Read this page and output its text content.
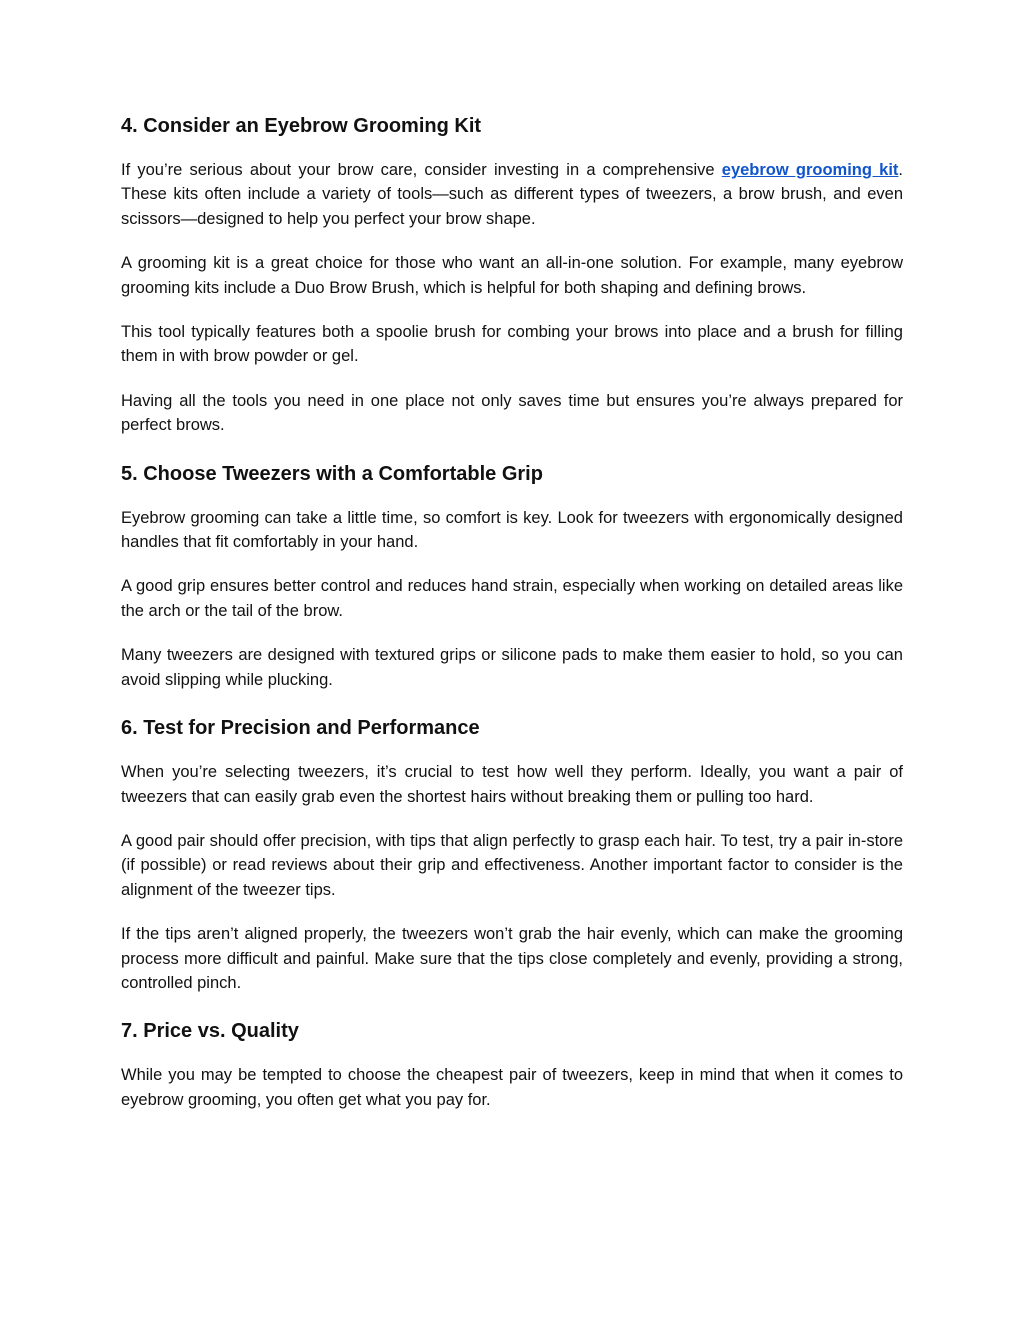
4. Consider an Eyebrow Grooming Kit

If you’re serious about your brow care, consider investing in a comprehensive eyebrow grooming kit. These kits often include a variety of tools—such as different types of tweezers, a brow brush, and even scissors—designed to help you perfect your brow shape.

A grooming kit is a great choice for those who want an all-in-one solution. For example, many eyebrow grooming kits include a Duo Brow Brush, which is helpful for both shaping and defining brows.

This tool typically features both a spoolie brush for combing your brows into place and a brush for filling them in with brow powder or gel.

Having all the tools you need in one place not only saves time but ensures you’re always prepared for perfect brows.

5. Choose Tweezers with a Comfortable Grip

Eyebrow grooming can take a little time, so comfort is key. Look for tweezers with ergonomically designed handles that fit comfortably in your hand.

A good grip ensures better control and reduces hand strain, especially when working on detailed areas like the arch or the tail of the brow.

Many tweezers are designed with textured grips or silicone pads to make them easier to hold, so you can avoid slipping while plucking.

6. Test for Precision and Performance

When you’re selecting tweezers, it’s crucial to test how well they perform. Ideally, you want a pair of tweezers that can easily grab even the shortest hairs without breaking them or pulling too hard.

A good pair should offer precision, with tips that align perfectly to grasp each hair. To test, try a pair in-store (if possible) or read reviews about their grip and effectiveness. Another important factor to consider is the alignment of the tweezer tips.

If the tips aren’t aligned properly, the tweezers won’t grab the hair evenly, which can make the grooming process more difficult and painful. Make sure that the tips close completely and evenly, providing a strong, controlled pinch.

7. Price vs. Quality

While you may be tempted to choose the cheapest pair of tweezers, keep in mind that when it comes to eyebrow grooming, you often get what you pay for.
